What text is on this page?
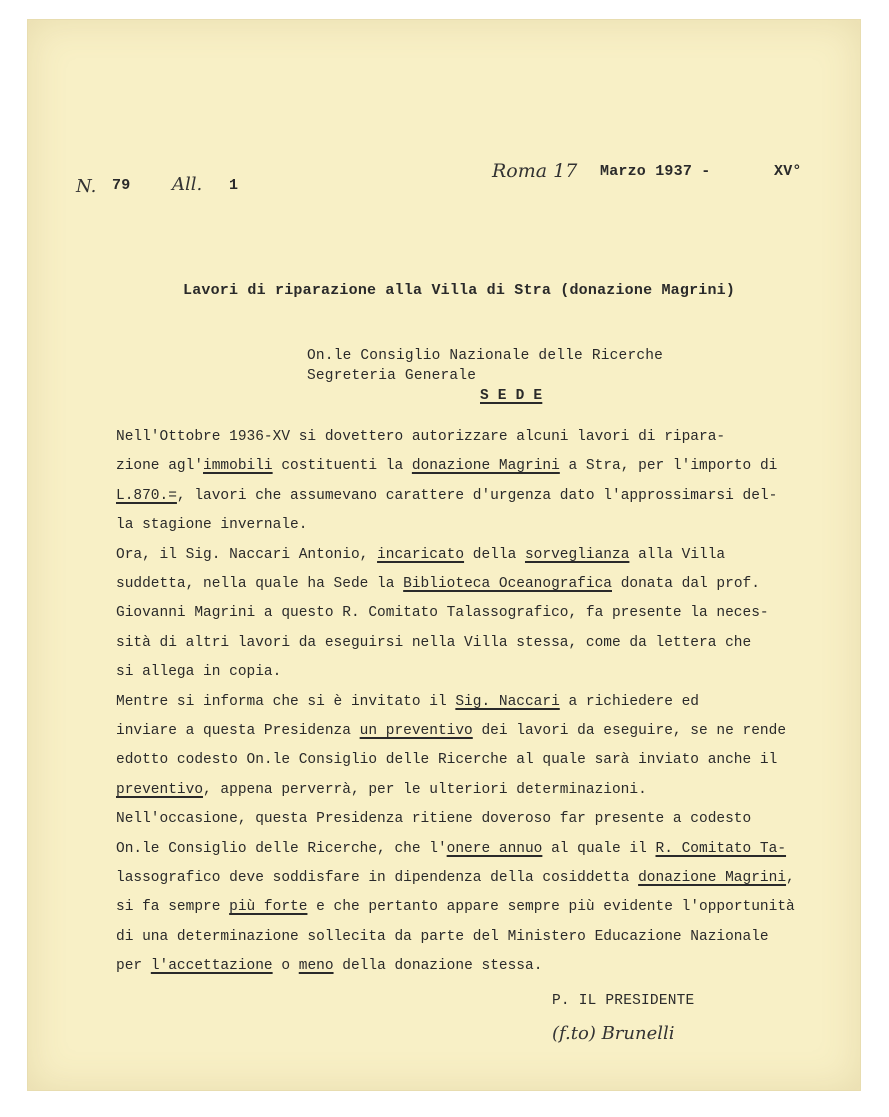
N. 79 All. 1
Roma 17 Marzo 1937 -	XV°
Lavori di riparazione alla Villa di Stra (donazione Magrini)
On.le Consiglio Nazionale delle Ricerche
Segreteria Generale
S E D E
Nell'Ottobre 1936-XV si dovettero autorizzare alcuni lavori di ripara-
zione agl'immobili costituenti la donazione Magrini a Stra, per l'importo di
L.870.=, lavori che assumevano carattere d'urgenza dato l'approssimarsi del-
la stagione invernale.
Ora, il Sig. Naccari Antonio, incaricato della sorveglianza alla Villa
suddetta, nella quale ha Sede la Biblioteca Oceanografica donata dal prof.
Giovanni Magrini a questo R. Comitato Talassografico, fa presente la neces-
sità di altri lavori da eseguirsi nella Villa stessa, come da lettera che
si allega in copia.
Mentre si informa che si è invitato il Sig. Naccari a richiedere ed
inviare a questa Presidenza un preventivo dei lavori da eseguire, se ne rende
edotto codesto On.le Consiglio delle Ricerche al quale sarà inviato anche il
preventivo, appena perverrà, per le ulteriori determinazioni.
Nell'occasione, questa Presidenza ritiene doveroso far presente a codesto
On.le Consiglio delle Ricerche, che l'onere annuo al quale il R. Comitato Ta-
lassografico deve soddisfare in dipendenza della cosiddetta donazione Magrini,
si fa sempre più forte e che pertanto appare sempre più evidente l'opportunità
di una determinazione sollecita da parte del Ministero Educazione Nazionale
per l'accettazione o meno della donazione stessa.
P. IL PRESIDENTE
(f.to) Brunelli
